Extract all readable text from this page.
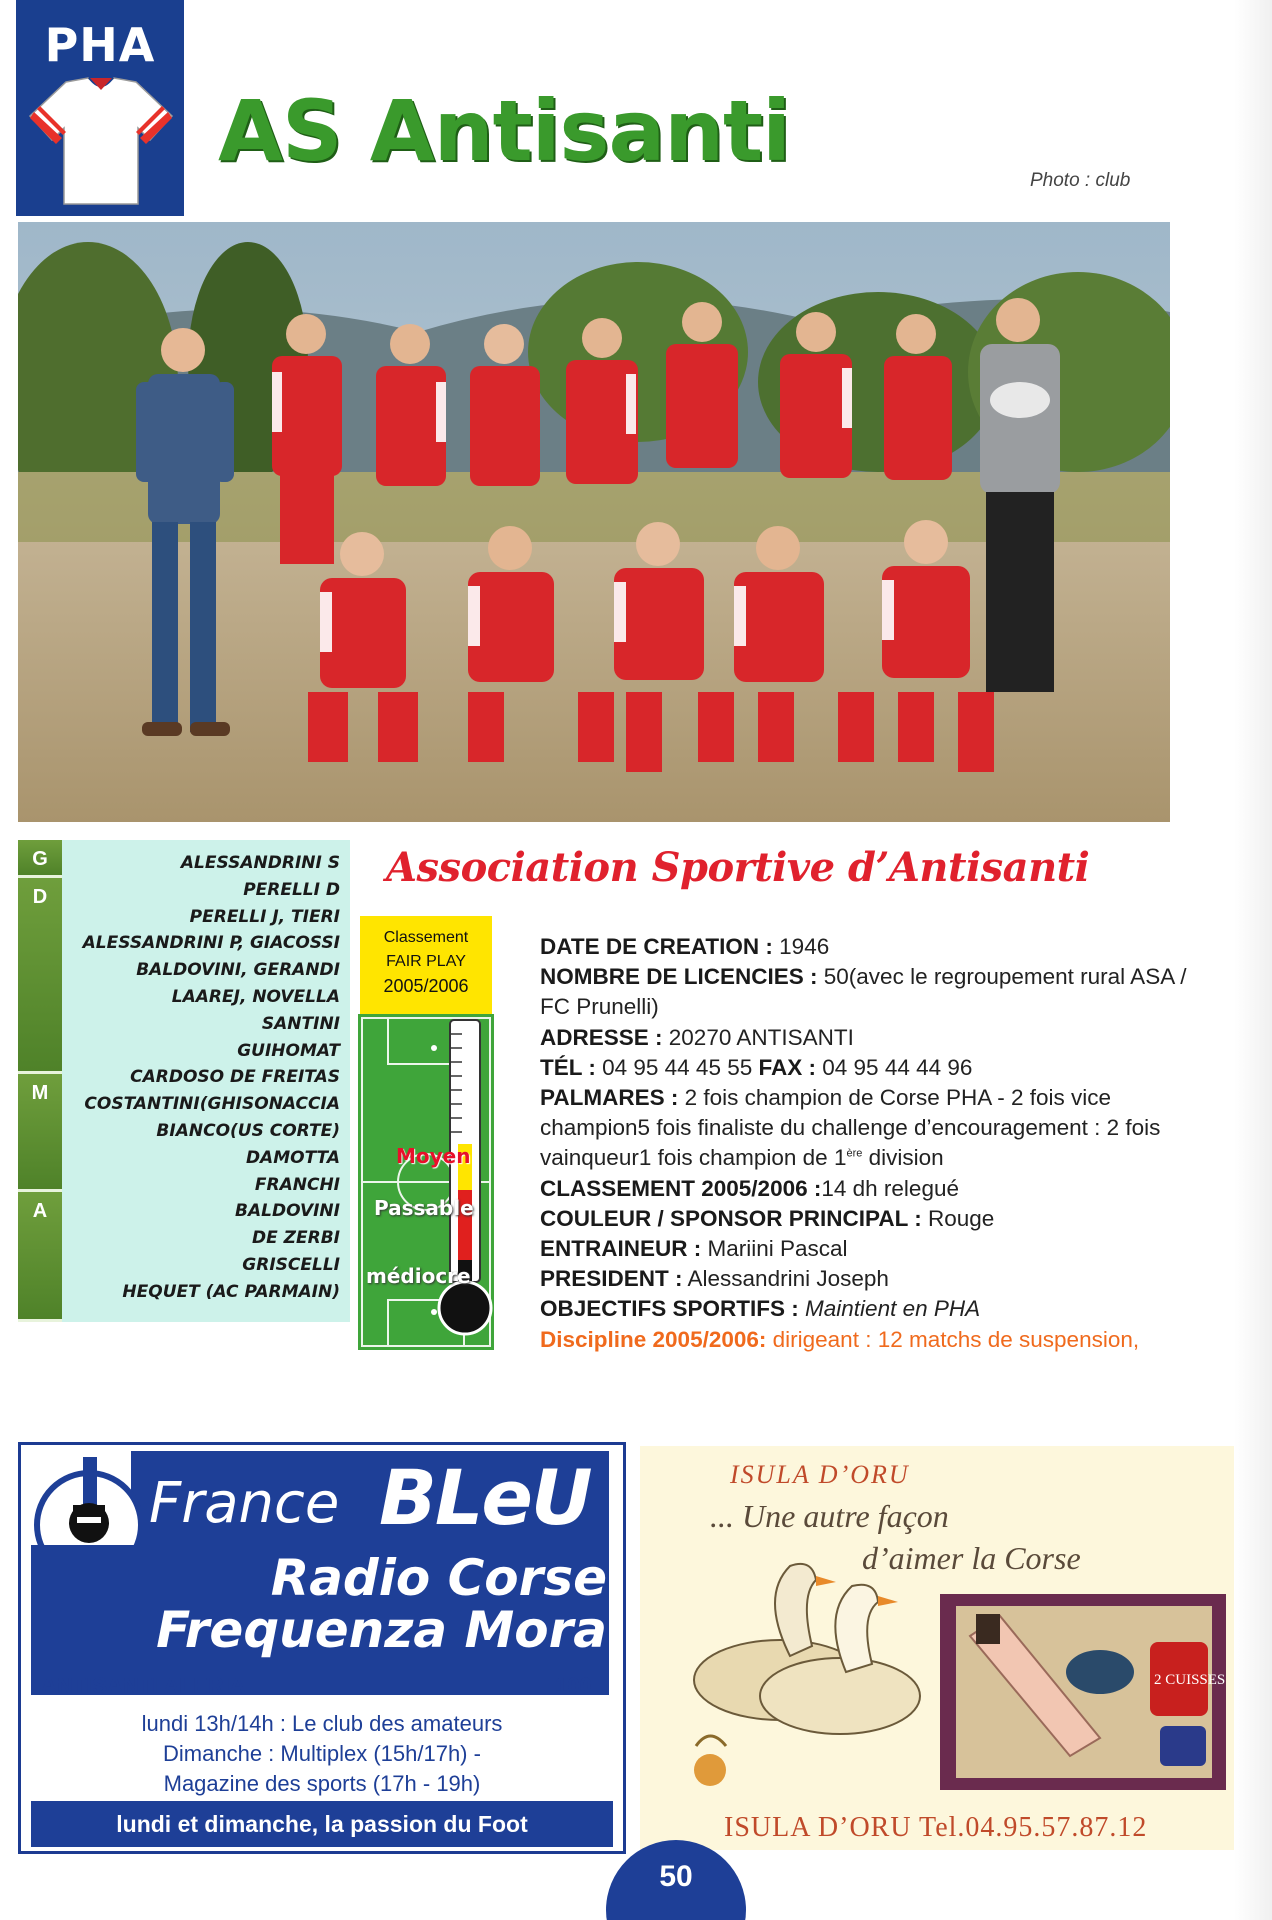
PHA
AS Antisanti
Photo : club
G
D
M
A
ALESSANDRINI S
PERELLI D
PERELLI J, TIERI
ALESSANDRINI P, GIACOSSI
BALDOVINI, GERANDI
LAAREJ, NOVELLA
SANTINI
GUIHOMAT
CARDOSO DE FREITAS
COSTANTINI(GHISONACCIA
BIANCO(US CORTE)
DAMOTTA
FRANCHI
BALDOVINI
DE ZERBI
GRISCELLI
HEQUET (AC PARMAIN)
Classement
FAIR PLAY
2005/2006
Moyen
Passable
médiocre
Association Sportive d’Antisanti

DATE DE CREATION : 1946

NOMBRE DE LICENCIES : 50(avec le regroupement rural ASA / FC Prunelli)

ADRESSE : 20270 ANTISANTI

TÉL : 04 95 44 45 55 FAX : 04 95 44 44 96

PALMARES : 2 fois champion de Corse PHA - 2 fois vice champion5 fois finaliste du challenge d’encouragement : 2 fois vainqueur1 fois champion de 1ère division

CLASSEMENT 2005/2006 :14 dh relegué

COULEUR / SPONSOR PRINCIPAL : Rouge

ENTRAINEUR : Mariini Pascal

PRESIDENT : Alessandrini Joseph

OBJECTIFS SPORTIFS : Maintient en PHA

Discipline 2005/2006: dirigeant : 12 matchs de suspension,

France BLeU
Radio Corse
Frequenza Mora
ANTISANTI ALERIA	100
lundi 13h/14h : Le club des amateurs
Dimanche : Multiplex (15h/17h) -
Magazine des sports (17h - 19h)
lundi et dimanche, la passion du Foot
2 CUISSES
ISULA D’ORU
... Une autre façon
d’aimer la Corse
ISULA D’ORU Tel.04.95.57.87.12
50
